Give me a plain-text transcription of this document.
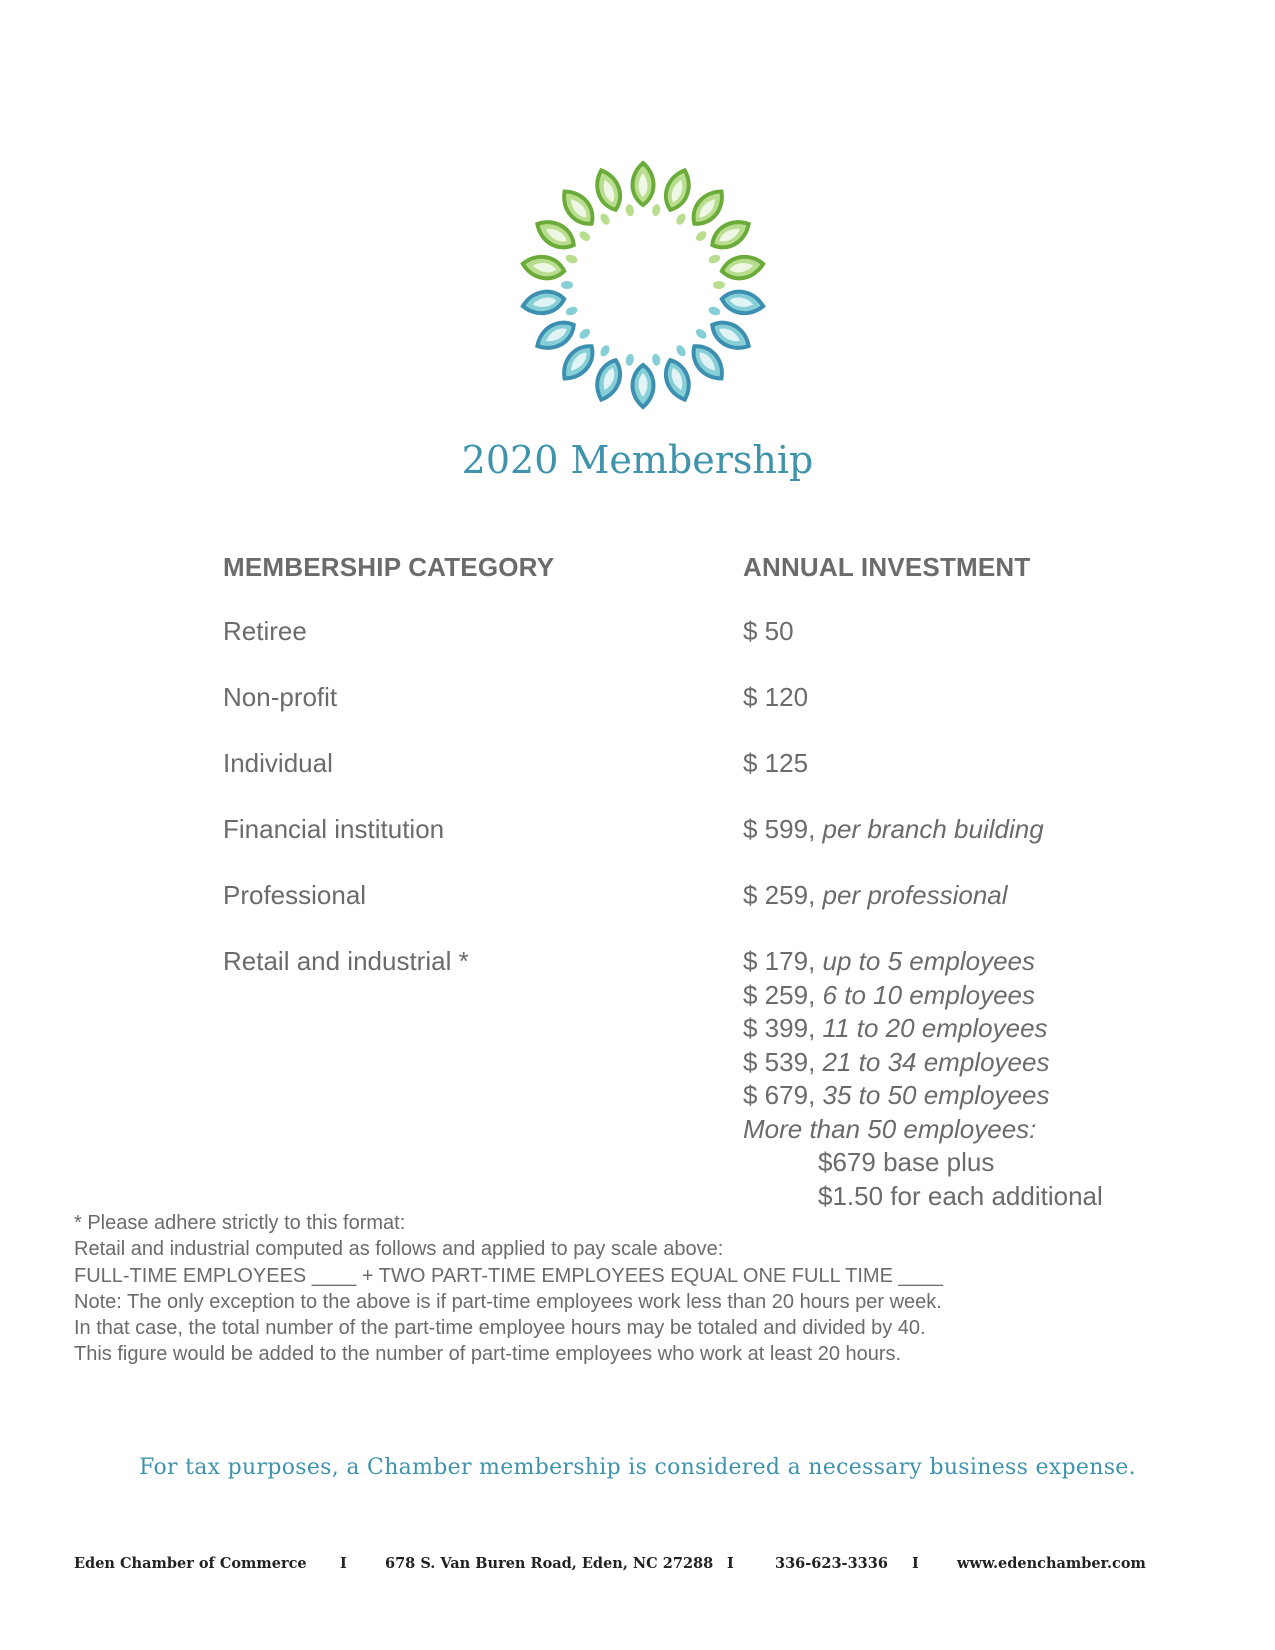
2020 Membership
MEMBERSHIP CATEGORY	ANNUAL INVESTMENT
Retiree	$ 50
Non-profit	$ 120
Individual	$ 125
Financial institution	$ 599, per branch building
Professional	$ 259, per professional
Retail and industrial *	$ 179, up to 5 employees
$ 259, 6 to 10 employees
$ 399, 11 to 20 employees
$ 539, 21 to 34 employees
$ 679, 35 to 50 employees
More than 50 employees:
$679 base plus
$1.50 for each additional
* Please adhere strictly to this format:
Retail and industrial computed as follows and applied to pay scale above:
FULL-TIME EMPLOYEES ____ + TWO PART-TIME EMPLOYEES EQUAL ONE FULL TIME ____
Note: The only exception to the above is if part-time employees work less than 20 hours per week.
In that case, the total number of the part-time employee hours may be totaled and divided by 40.
This figure would be added to the number of part-time employees who work at least 20 hours.
For tax purposes, a Chamber membership is considered a necessary business expense.
Eden Chamber of Commerce I	678 S. Van Buren Road, Eden, NC 27288 I	336-623-3336 I	www.edenchamber.com
